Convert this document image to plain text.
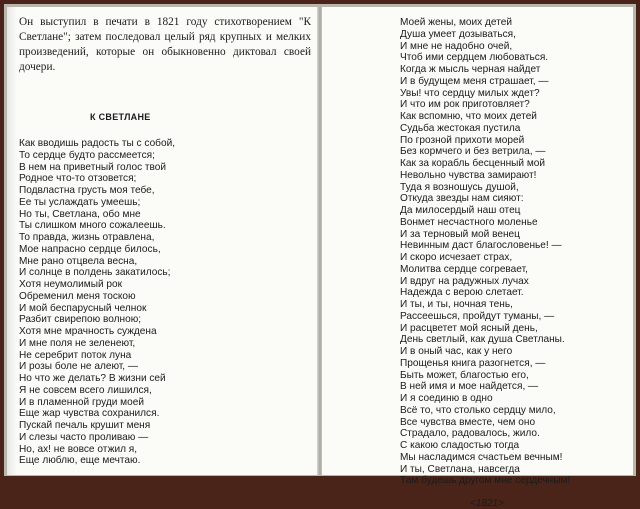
Он выступил в печати в 1821 году стихотворением "К Светлане"; затем последовал целый ряд крупных и мелких произведений, которые он обыкновенно диктовал своей дочери.

К СВЕТЛАНЕ
Как вводишь радость ты с собой,
То сердце будто рассмеется;
В нем на приветный голос твой
Родное что-то отзовется;
Подвластна грусть моя тебе,
Ее ты услаждать умеешь;
Но ты, Светлана, обо мне
Ты слишком много сожалеешь.
То правда, жизнь отравлена,
Мое напрасно сердце билось,
Мне рано отцвела весна,
И солнце в полдень закатилось;
Хотя неумолимый рок
Обременил меня тоскою
И мой беспаруcный челнок
Разбит свирепою волною;
Хотя мне мрачность суждена
И мне поля не зеленеют,
Не серебрит поток луна
И розы боле не алеют, —
Но что же делать? В жизни сей
Я не совсем всего лишился,
И в пламенной груди моей
Еще жар чувства сохранился.
Пускай печаль крушит меня
И слезы часто проливаю —
Но, ах! не вовсе отжил я,
Еще люблю, еще мечтаю.
Моей жены, моих детей
Душа умеет дозываться,
И мне не надобно очей,
Чтоб ими сердцем любоваться.
Когда ж мысль черная найдет
И в будущем меня страшает, —
Увы! что сердцу милых ждет?
И что им рок приготовляет?
Как вспомню, что моих детей
Судьба жестокая пустила
По грозной прихоти морей
Без кормчего и без ветрила, —
Как за корабль бесценный мой
Невольно чувства замирают!
Туда я возношусь душой,
Откуда звезды нам сияют:
Да милосердый наш отец
Вонмет несчастного моленье
И за терновый мой венец
Невинным даст благословенье! —
И скоро исчезает страх,
Молитва сердце согревает,
И вдруг на радужных лучах
Надежда с верою слетает.
И ты, и ты, ночная тень,
Рассеешься, пройдут туманы, —
И расцветет мой ясный день,
День светлый, как душа Светланы.
И в оный час, как у него
Прощенья книга разогнется, —
Быть может, благостью его,
В ней имя и мое найдется, —
И я соединю в одно
Всё то, что столько сердцу мило,
Все чувства вместе, чем оно
Страдало, радовалось, жило.
С какою сладостью тогда
Мы насладимся счастьем вечным!
И ты, Светлана, навсегда
Там будешь другом мне сердечным!
<1821>
